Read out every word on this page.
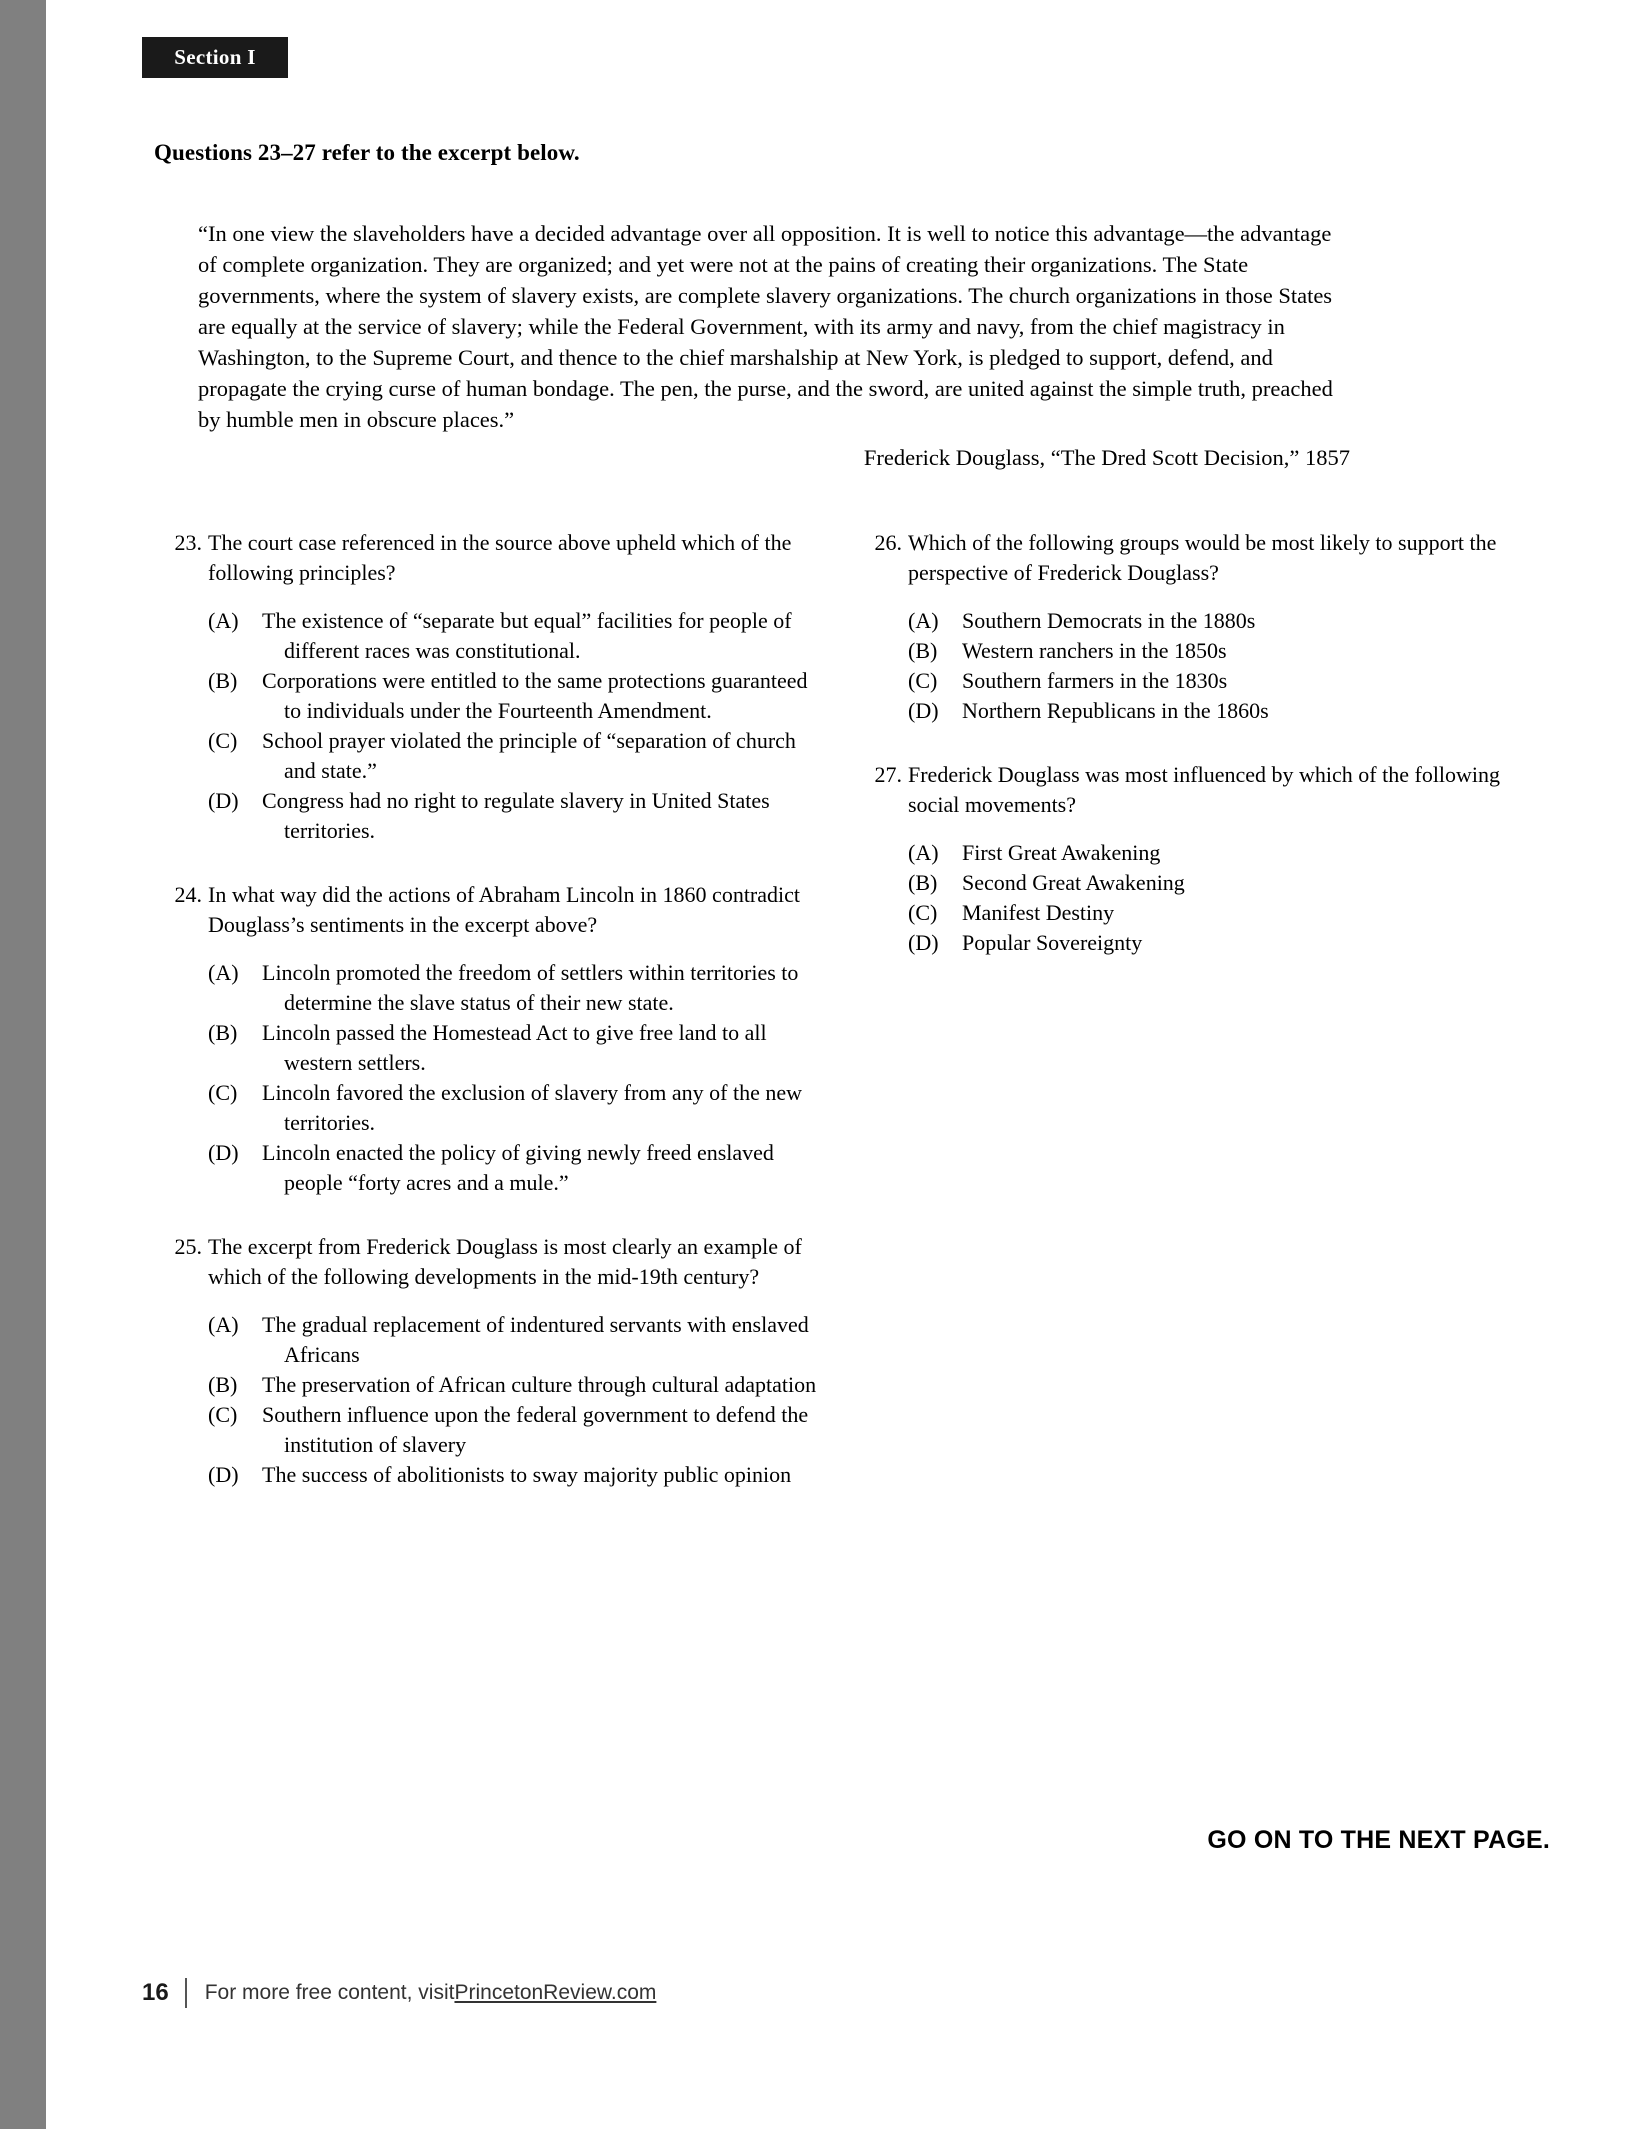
Section I
Questions 23–27 refer to the excerpt below.

“In one view the slaveholders have a decided advantage over all opposition. It is well to notice this advantage—the advantage of complete organization. They are organized; and yet were not at the pains of creating their organizations. The State governments, where the system of slavery exists, are complete slavery organizations. The church organizations in those States are equally at the service of slavery; while the Federal Government, with its army and navy, from the chief magistracy in Washington, to the Supreme Court, and thence to the chief marshalship at New York, is pledged to support, defend, and propagate the crying curse of human bondage. The pen, the purse, and the sword, are united against the simple truth, preached by humble men in obscure places.”

Frederick Douglass, “The Dred Scott Decision,” 1857
23. The court case referenced in the source above upheld which of the following principles?
(A)	The existence of “separate but equal” facilities for people of different races was constitutional.
(B)	Corporations were entitled to the same protections guaranteed to individuals under the Fourteenth Amendment.
(C)	School prayer violated the principle of “separation of church and state.”
(D)	Congress had no right to regulate slavery in United States territories.
24. In what way did the actions of Abraham Lincoln in 1860 contradict Douglass’s sentiments in the excerpt above?
(A)	Lincoln promoted the freedom of settlers within territories to determine the slave status of their new state.
(B)	Lincoln passed the Homestead Act to give free land to all western settlers.
(C)	Lincoln favored the exclusion of slavery from any of the new territories.
(D)	Lincoln enacted the policy of giving newly freed enslaved people “forty acres and a mule.”
25. The excerpt from Frederick Douglass is most clearly an example of which of the following developments in the mid-19th century?
(A)	The gradual replacement of indentured servants with enslaved Africans
(B)	The preservation of African culture through cultural adaptation
(C)	Southern influence upon the federal government to defend the institution of slavery
(D)	The success of abolitionists to sway majority public opinion
26. Which of the following groups would be most likely to support the perspective of Frederick Douglass?
(A)	Southern Democrats in the 1880s
(B)	Western ranchers in the 1850s
(C)	Southern farmers in the 1830s
(D)	Northern Republicans in the 1860s
27. Frederick Douglass was most influenced by which of the following social movements?
(A)	First Great Awakening
(B)	Second Great Awakening
(C)	Manifest Destiny
(D)	Popular Sovereignty
GO ON TO THE NEXT PAGE.
16 For more free content, visit PrincetonReview.com
